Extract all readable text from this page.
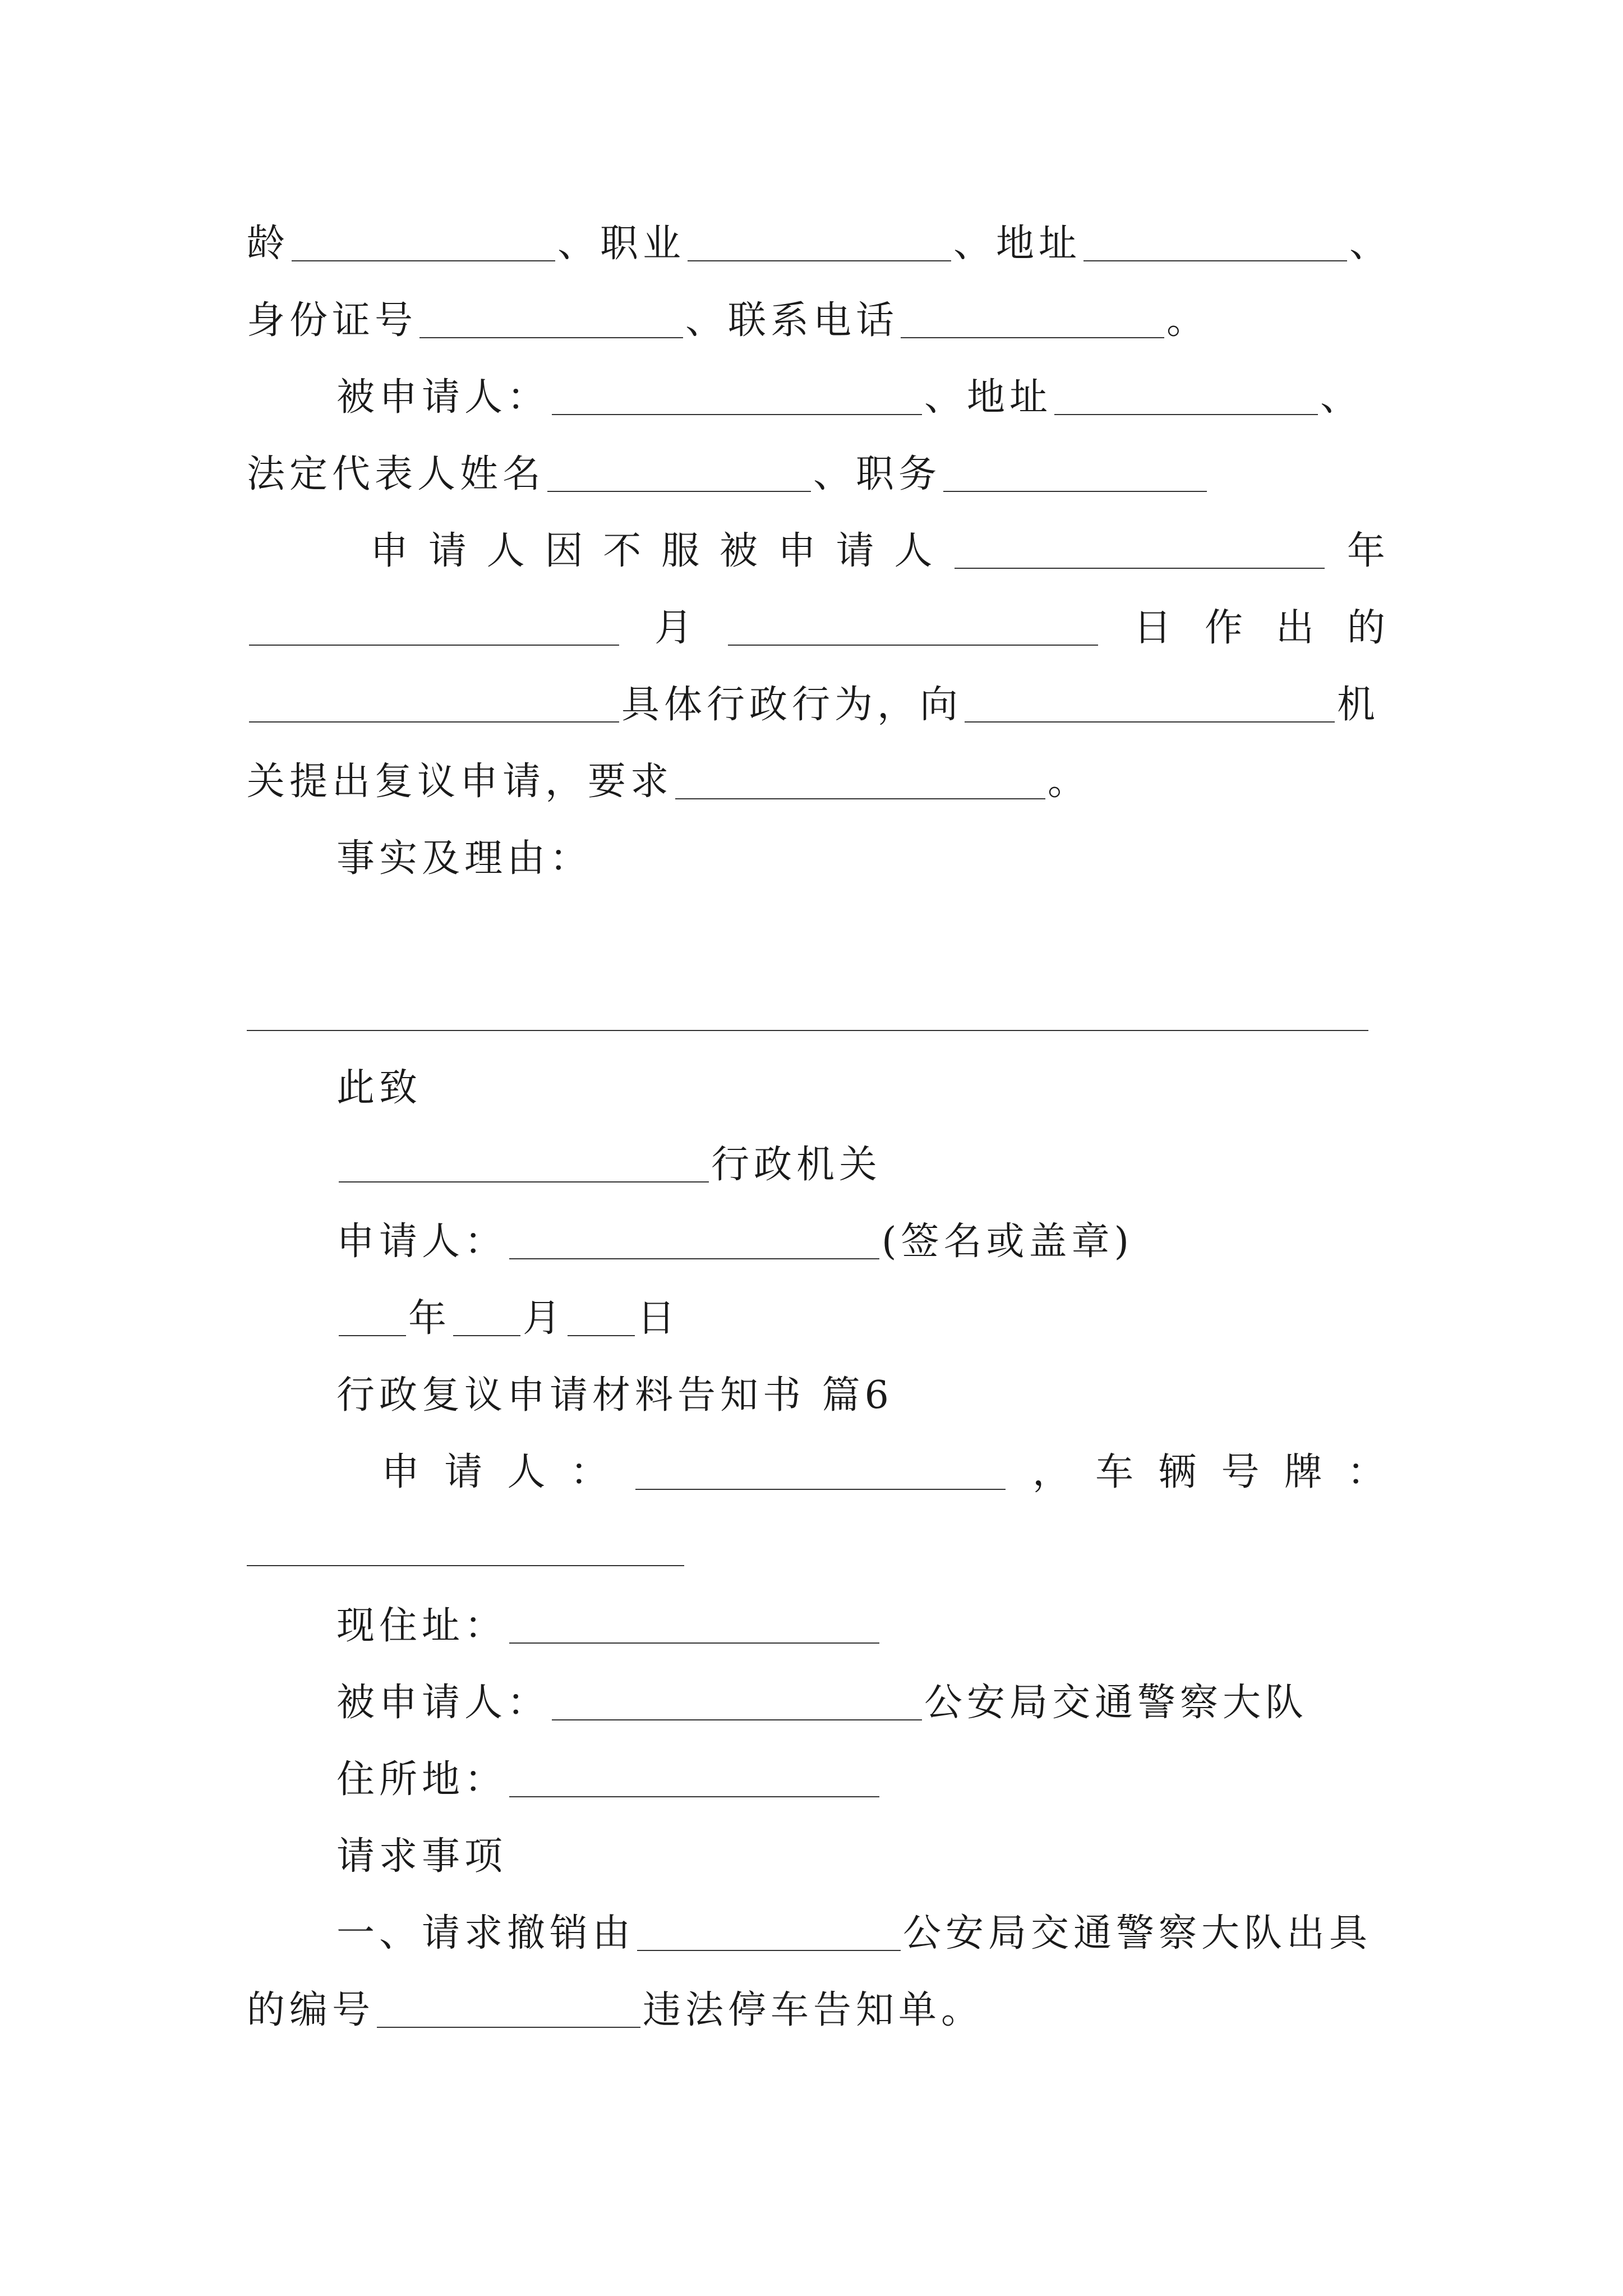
龄	、职业	、地址	、
身份证号	、联系电话	。
被申请人：	、地址	、
法定代表人姓名	、职务
申 请 人 因 不 服 被 申 请 人	年
月	日 作 出 的
具体行政行为，向	机
关提出复议申请，要求	。
事实及理由：
此致
行政机关
申请人：	(签名或盖章)
年 月 日
行政复议申请材料告知书 篇6
申 请 人 ：	， 车 辆 号 牌 ：
现住址：
被申请人：	公安局交通警察大队
住所地：
请求事项
一、请求撤销由	公安局交通警察大队出具
的编号	违法停车告知单。
